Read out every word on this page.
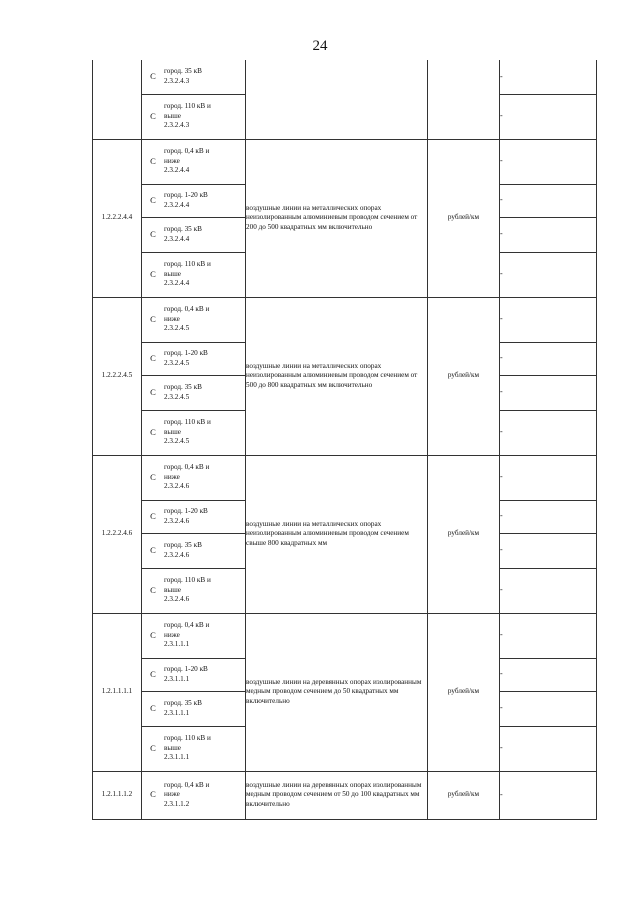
24

	С город. 35 кВ
2.3.2.4.3			-

	С
город. 110 кВ и
выше
2.3.2.4.3			-
1.2.2.2.4.4	С
город. 0,4 кВ и
ниже
2.3.2.4.4	воздушные линии на металлических опорах неизолированным алюминиевым проводом сечением от 200 до 500 квадратных мм включительно	рублей/км	-

	С город. 1-20 кВ
2.3.2.4.4			-

	С город. 35 кВ
2.3.2.4.4			-

	С
город. 110 кВ и
выше
2.3.2.4.4			-
1.2.2.2.4.5	С
город. 0,4 кВ и
ниже
2.3.2.4.5	воздушные линии на металлических опорах неизолированным алюминиевым проводом сечением от 500 до 800 квадратных мм включительно	рублей/км	-

	С город. 1-20 кВ
2.3.2.4.5			-

	С город. 35 кВ
2.3.2.4.5			-

	С
город. 110 кВ и
выше
2.3.2.4.5			-
1.2.2.2.4.6	С
город. 0,4 кВ и
ниже
2.3.2.4.6	воздушные линии на металлических опорах неизолированным алюминиевым проводом сечением свыше 800 квадратных мм	рублей/км	-

	С город. 1-20 кВ
2.3.2.4.6			-

	С город. 35 кВ
2.3.2.4.6			-

	С
город. 110 кВ и
выше
2.3.2.4.6			-
1.2.1.1.1.1	С
город. 0,4 кВ и
ниже
2.3.1.1.1	воздушные линии на деревянных опорах изолированным медным проводом сечением до 50 квадратных мм включительно	рублей/км	-

	С город. 1-20 кВ
2.3.1.1.1			-

	С город. 35 кВ
2.3.1.1.1			-

	С
город. 110 кВ и
выше
2.3.1.1.1			-
1.2.1.1.1.2	С
город. 0,4 кВ и
ниже
2.3.1.1.2	воздушные линии на деревянных опорах изолированным медным проводом сечением от 50 до 100 квадратных мм включительно	рублей/км	-
